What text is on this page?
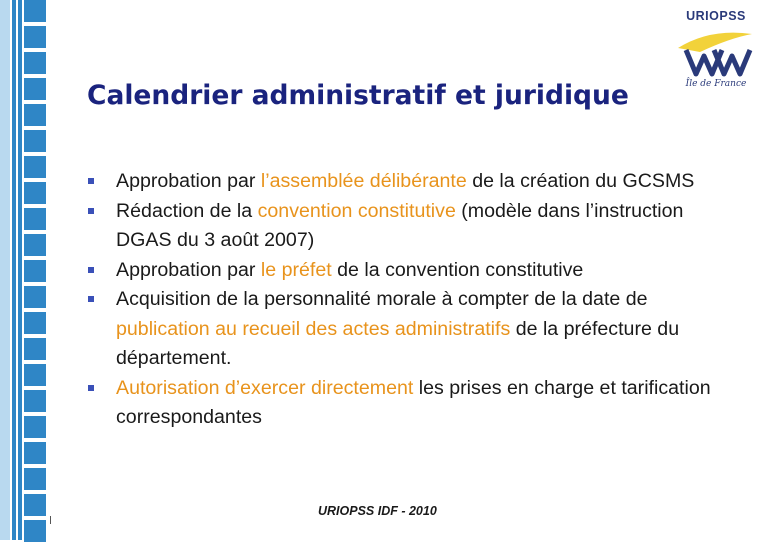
URIOPSS
Île de France
Calendrier administratif et juridique
Approbation par l’assemblée délibérante de la création du GCSMS
Rédaction de la convention constitutive (modèle dans l’instruction DGAS du 3 août 2007)
Approbation par le préfet de la convention constitutive
Acquisition de la personnalité morale à compter de la date de publication au recueil des actes administratifs de la préfecture du département.
Autorisation d’exercer directement les prises en charge et tarification correspondantes
URIOPSS IDF - 2010
